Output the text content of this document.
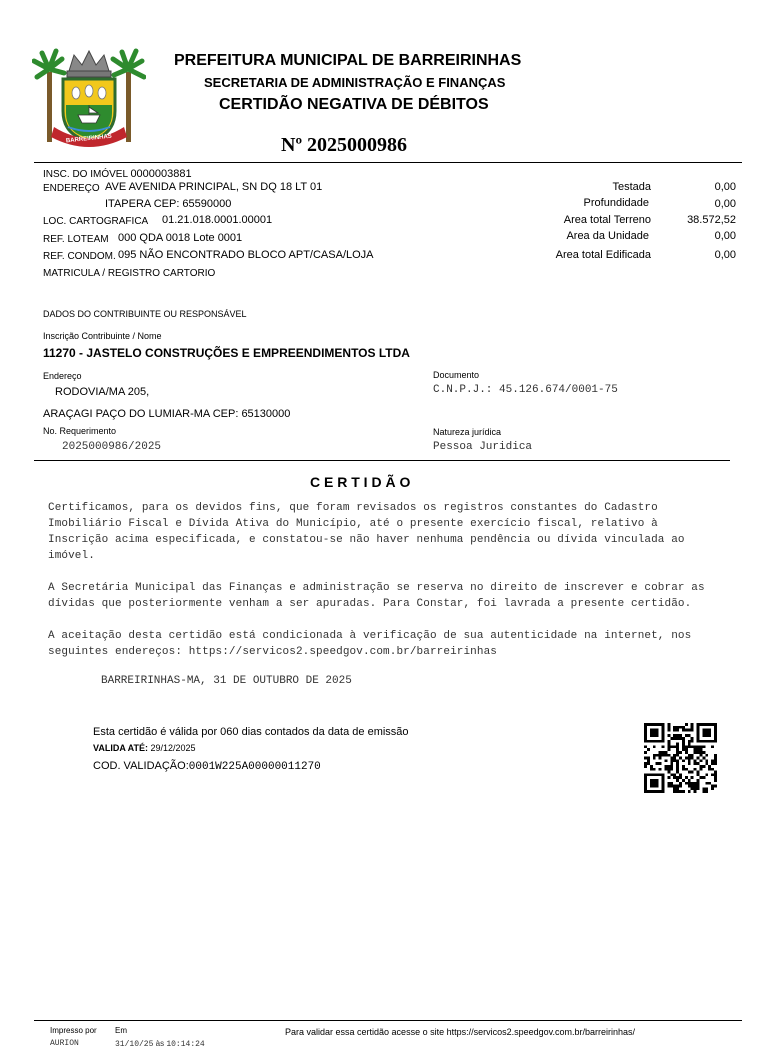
BARREIRINHAS
PREFEITURA MUNICIPAL DE BARREIRINHAS
SECRETARIA DE ADMINISTRAÇÃO E FINANÇAS
CERTIDÃO NEGATIVA DE DÉBITOS
Nº 2025000986
INSC. DO IMÓVEL 0000003881
ENDEREÇO AVE AVENIDA PRINCIPAL, SN DQ 18 LT 01
ITAPERA CEP: 65590000
LOC. CARTOGRAFICA 01.21.018.0001.00001
REF. LOTEAM 000 QDA 0018 Lote 0001
REF. CONDOM. 095 NÃO ENCONTRADO BLOCO APT/CASA/LOJA
MATRICULA / REGISTRO CARTORIO
Testada	0,00
Profundidade	0,00
Area total Terreno	38.572,52
Area da Unidade	0,00
Area total Edificada	0,00
DADOS DO CONTRIBUINTE OU RESPONSÁVEL
Inscrição Contribuinte / Nome
11270 - JASTELO CONSTRUÇÕES E EMPREENDIMENTOS LTDA
Endereço
RODOVIA/MA 205,
ARAÇAGI PAÇO DO LUMIAR-MA CEP: 65130000
No. Requerimento
2025000986/2025
Documento
C.N.P.J.: 45.126.674/0001-75
Natureza jurídica
Pessoa Juridica
C E R T I D Ã O

Certificamos, para os devidos fins, que foram revisados os registros constantes do Cadastro Imobiliário Fiscal e Dívida Ativa do Município, até o presente exercício fiscal, relativo à Inscrição acima especificada, e constatou-se não haver nenhuma pendência ou dívida vinculada ao imóvel.

A Secretária Municipal das Finanças e administração se reserva no direito de inscrever e cobrar as dívidas que posteriormente venham a ser apuradas. Para Constar, foi lavrada a presente certidão.

A aceitação desta certidão está condicionada à verificação de sua autenticidade na internet, nos seguintes endereços: https://servicos2.speedgov.com.br/barreirinhas

BARREIRINHAS-MA, 31 DE OUTUBRO DE 2025
Esta certidão é válida por 060 dias contados da data de emissão
VALIDA ATÉ: 29/12/2025
COD. VALIDAÇÃO:0001W225A00000011270
Impresso por
AURION
Em
31/10/25 às 10:14:24
Para validar essa certidão acesse o site https://servicos2.speedgov.com.br/barreirinhas/
